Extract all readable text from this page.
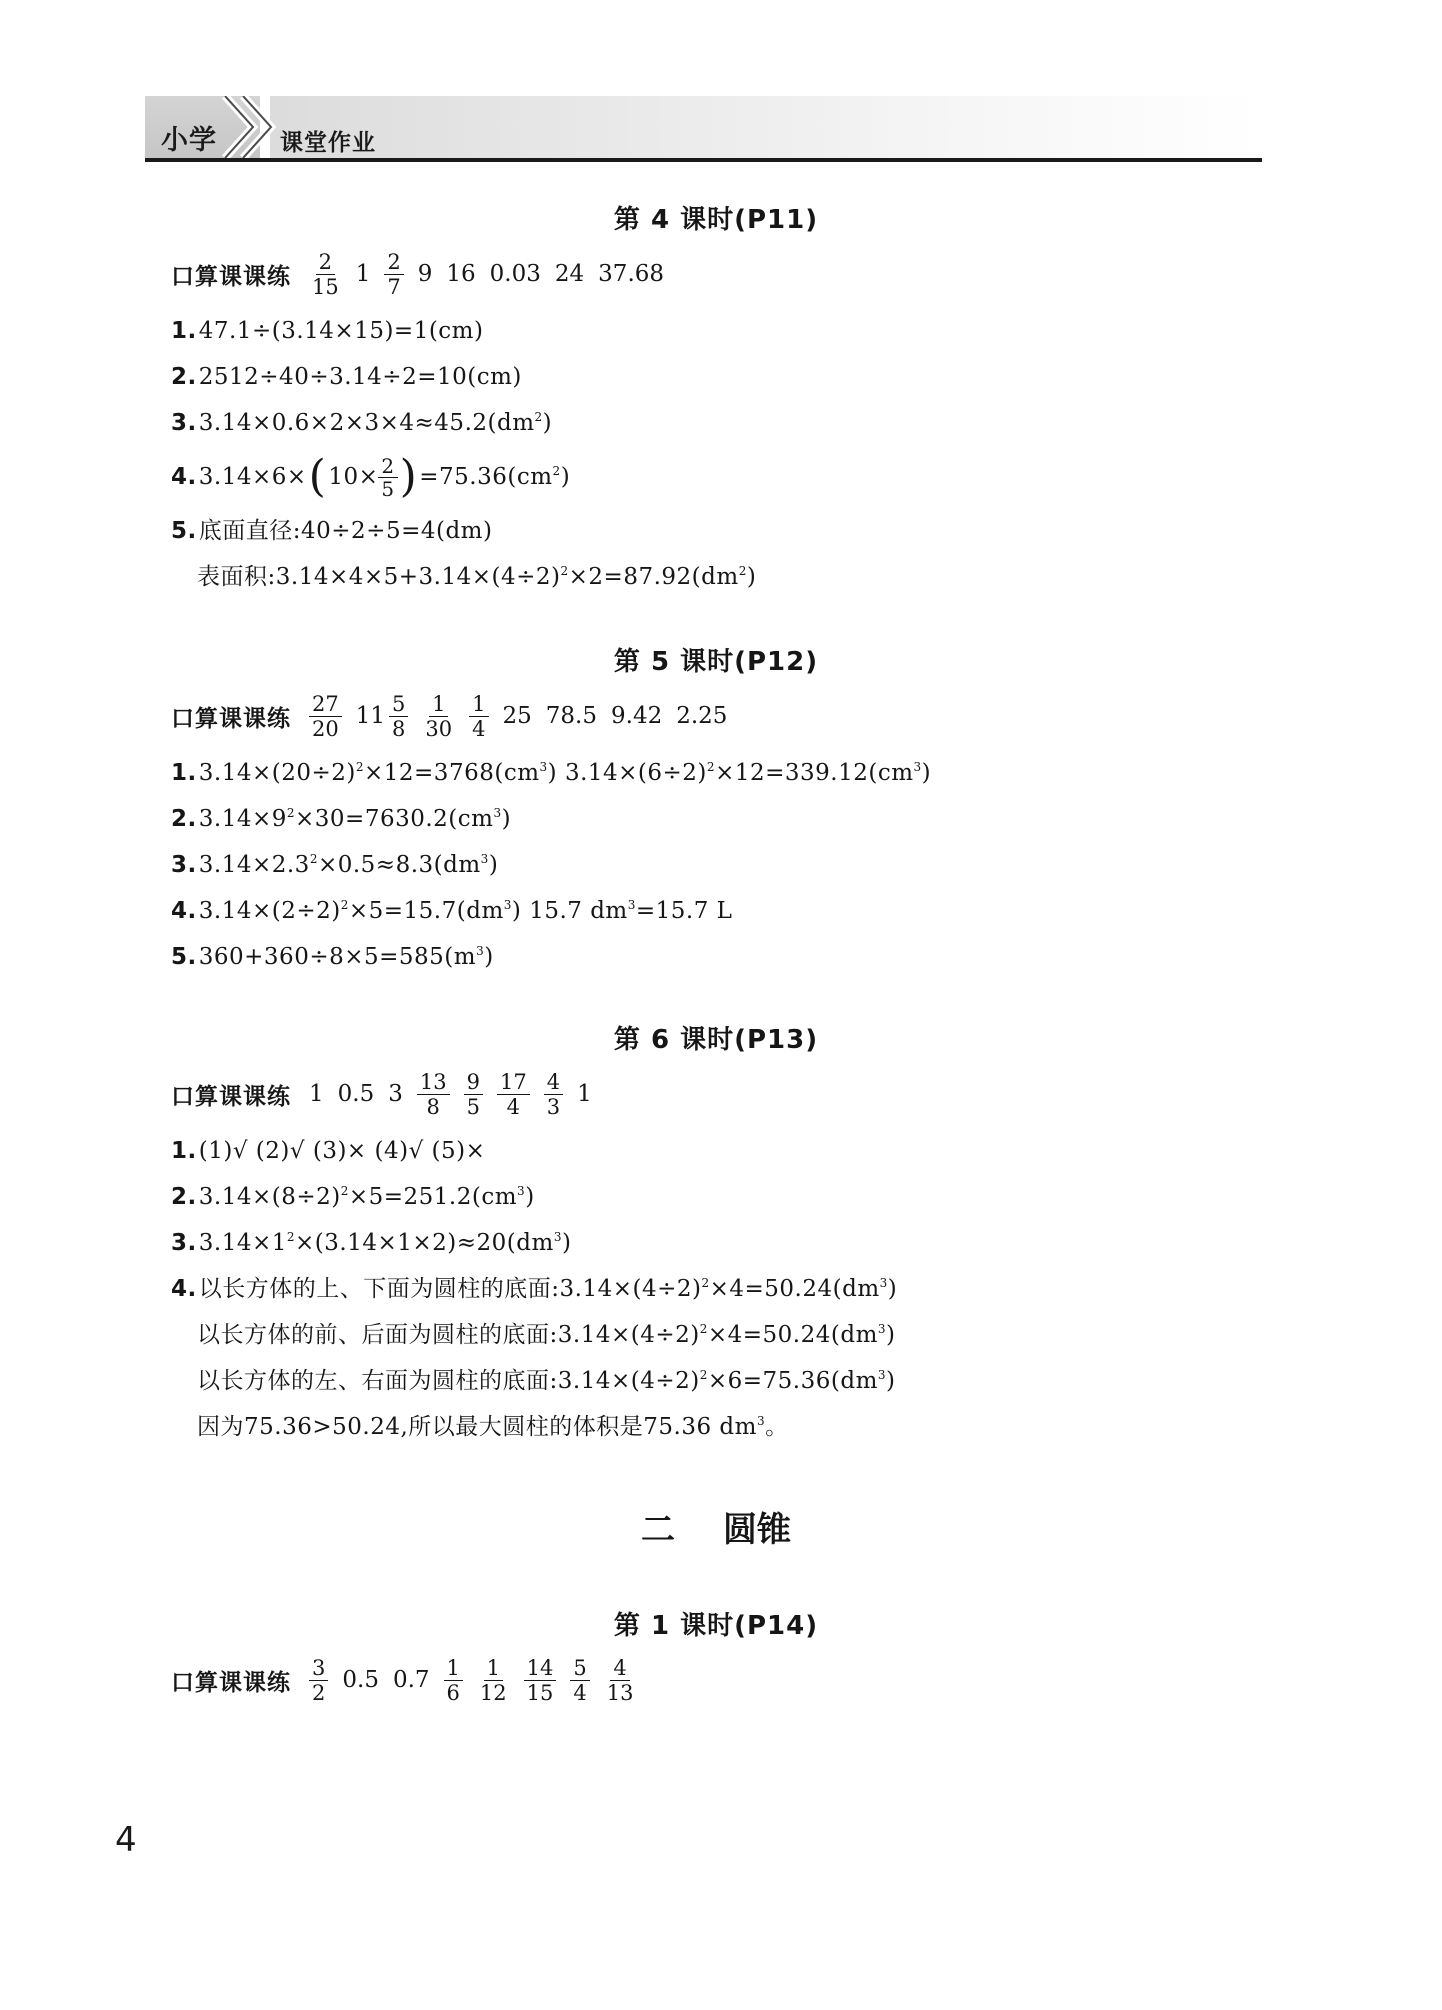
小学	课堂作业
第 4 课时(P11)
口算课课练 $\frac{2}{15} 1 \frac{2}{7} 9$ 16 0.03 24 37.68
1.47.1÷(3.14×15)=1(cm)
2.2512÷40÷3.14÷2=10(cm)
$3.3.14\times 0.6\times 2\times 3\times 4\approx 45.2(dm^2)$
4. 3.14×6× ( $10\times \frac{2}{5}$ ) $=75.36(cm^2)$
5.底面直径:40÷2÷5=4(dm)
表面积$:3.14\times 4\times 5+3.14\times(4\div 2)^2\times 2=87.92(dm^2)$
第 5 课时(P12)
口算课课练 $\frac{27}{20} 11 \frac{5}{8} \frac{1}{30} \frac{1}{4} 25$ 78.5 9.42 2.25
$1.3.14\times(20\div 2)^2\times 12=3768(cm^3)$ $3.14\times(6\div 2)^2\times 12=339.12(cm^3)$
$2.3.14\times 9^2\times 30=7630.2(cm^3)$
$3.3.14\times 2.3^2\times 0.5\approx 8.3(dm^3)$
$4.3.14\times(2\div 2)^2\times 5=15.7(dm^3)$ 15.7 $dm^3=15.7$ L
$5.360+360\div 8\times 5=585(m^3)$
第 6 课时(P13)
口算课课练 1 0.5 $3 \frac{13}{8} \frac{9}{5} \frac{17}{4} \frac{4}{3} 1$
1.(1)√ (2)√ (3)× (4)√ (5)×
$2.3.14\times(8\div 2)^2\times 5=251.2(cm^3)$
$3.3.14\times 1^2\times(3.14\times 1\times 2)\approx 20(dm^3)$
4.以长方体的上、下面为圆柱的底面$:3.14\times(4\div 2)^2\times 4=50.24(dm^3)$
以长方体的前、后面为圆柱的底面$:3.14\times(4\div 2)^2\times 4=50.24(dm^3)$
以长方体的左、右面为圆柱的底面$:3.14\times(4\div 2)^2\times 6=75.36(dm^3)$
因为75.36>50.24,所以最大圆柱的体积是75.36 $dm^3$。
二 圆锥
第 1 课时(P14)
口算课课练 $\frac{3}{2} 0.5$ $0.7 \frac{1}{6} \frac{1}{12} \frac{14}{15} \frac{5}{4} \frac{4}{13}$
4
